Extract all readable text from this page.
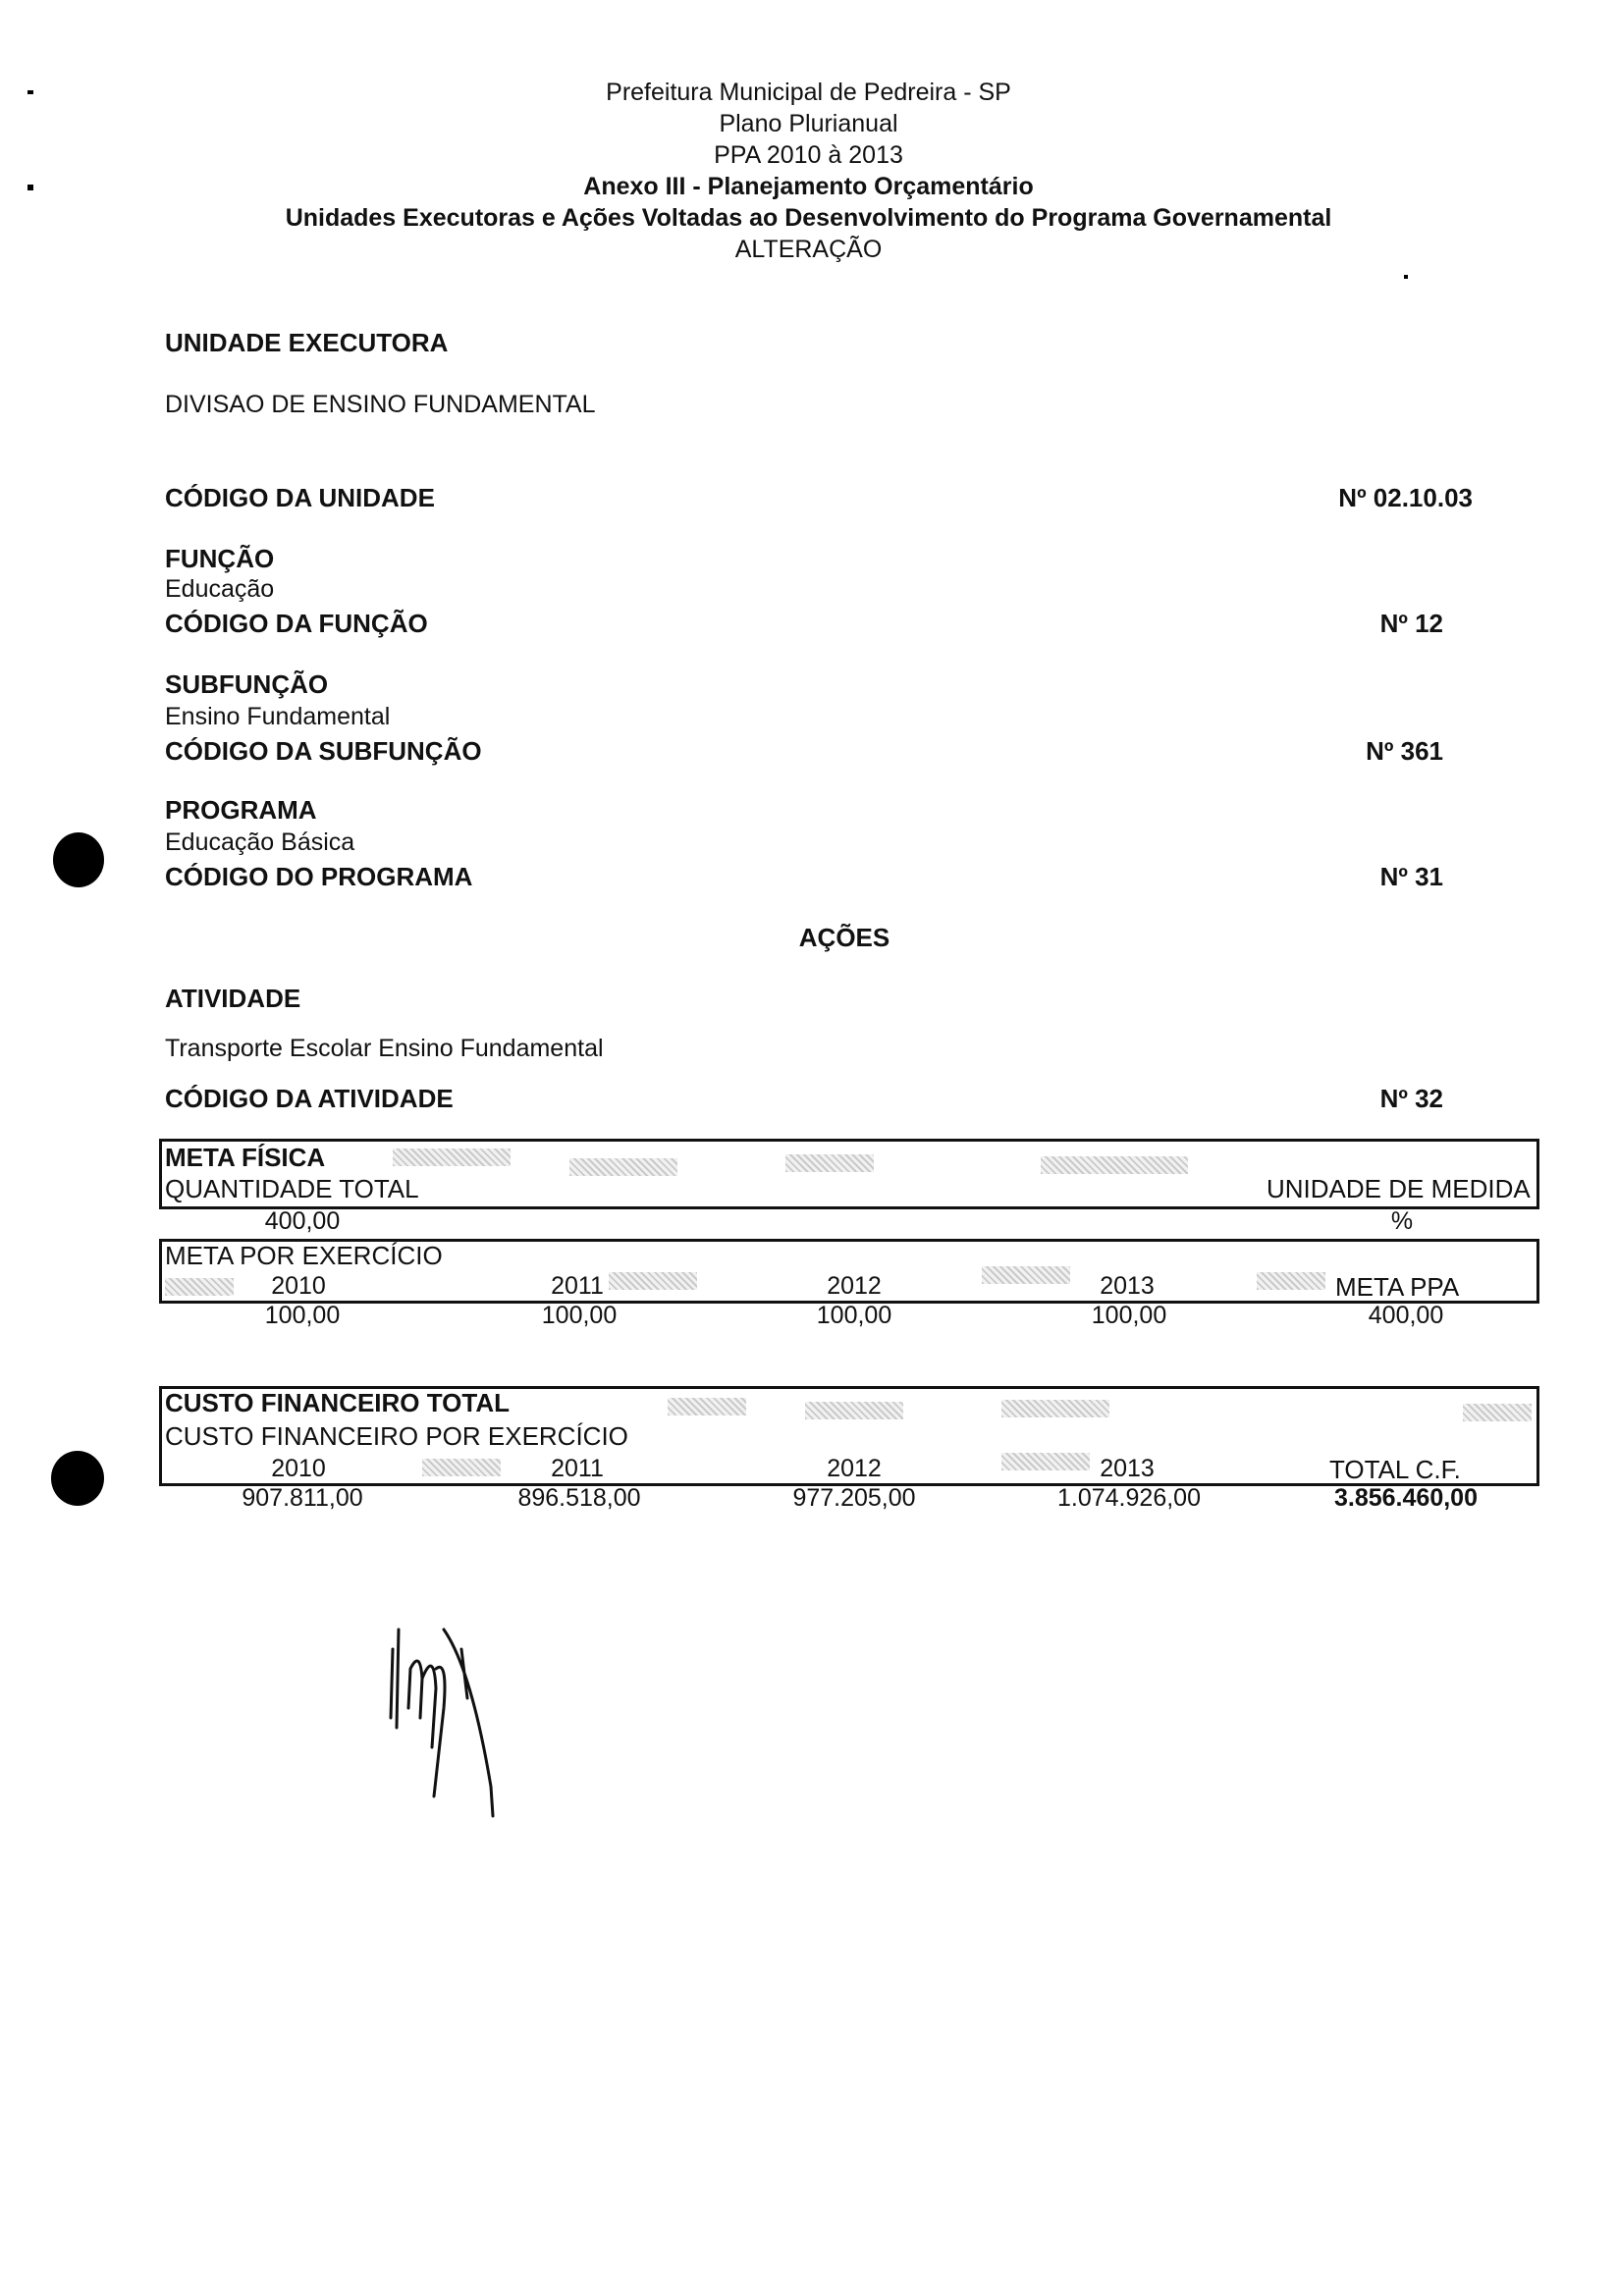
Prefeitura Municipal de Pedreira - SP
Plano Plurianual
PPA 2010 à 2013
Anexo III - Planejamento Orçamentário
Unidades Executoras e Ações Voltadas ao Desenvolvimento do Programa Governamental
ALTERAÇÃO
UNIDADE EXECUTORA
DIVISAO DE ENSINO FUNDAMENTAL
CÓDIGO DA UNIDADE	Nº 02.10.03
FUNÇÃO
Educação
CÓDIGO DA FUNÇÃO	Nº 12
SUBFUNÇÃO
Ensino Fundamental
CÓDIGO DA SUBFUNÇÃO	Nº 361
PROGRAMA
Educação Básica
CÓDIGO DO PROGRAMA	Nº 31
AÇÕES
ATIVIDADE
Transporte Escolar Ensino Fundamental
CÓDIGO DA ATIVIDADE	Nº 32
META FÍSICA
QUANTIDADE TOTAL	UNIDADE DE MEDIDA
400,00	%
META POR EXERCÍCIO
2010	2011	2012	2013	META PPA
100,00	100,00	100,00	100,00	400,00
CUSTO FINANCEIRO TOTAL
CUSTO FINANCEIRO POR EXERCÍCIO
2010	2011	2012	2013	TOTAL C.F.
907.811,00	896.518,00	977.205,00	1.074.926,00	3.856.460,00
